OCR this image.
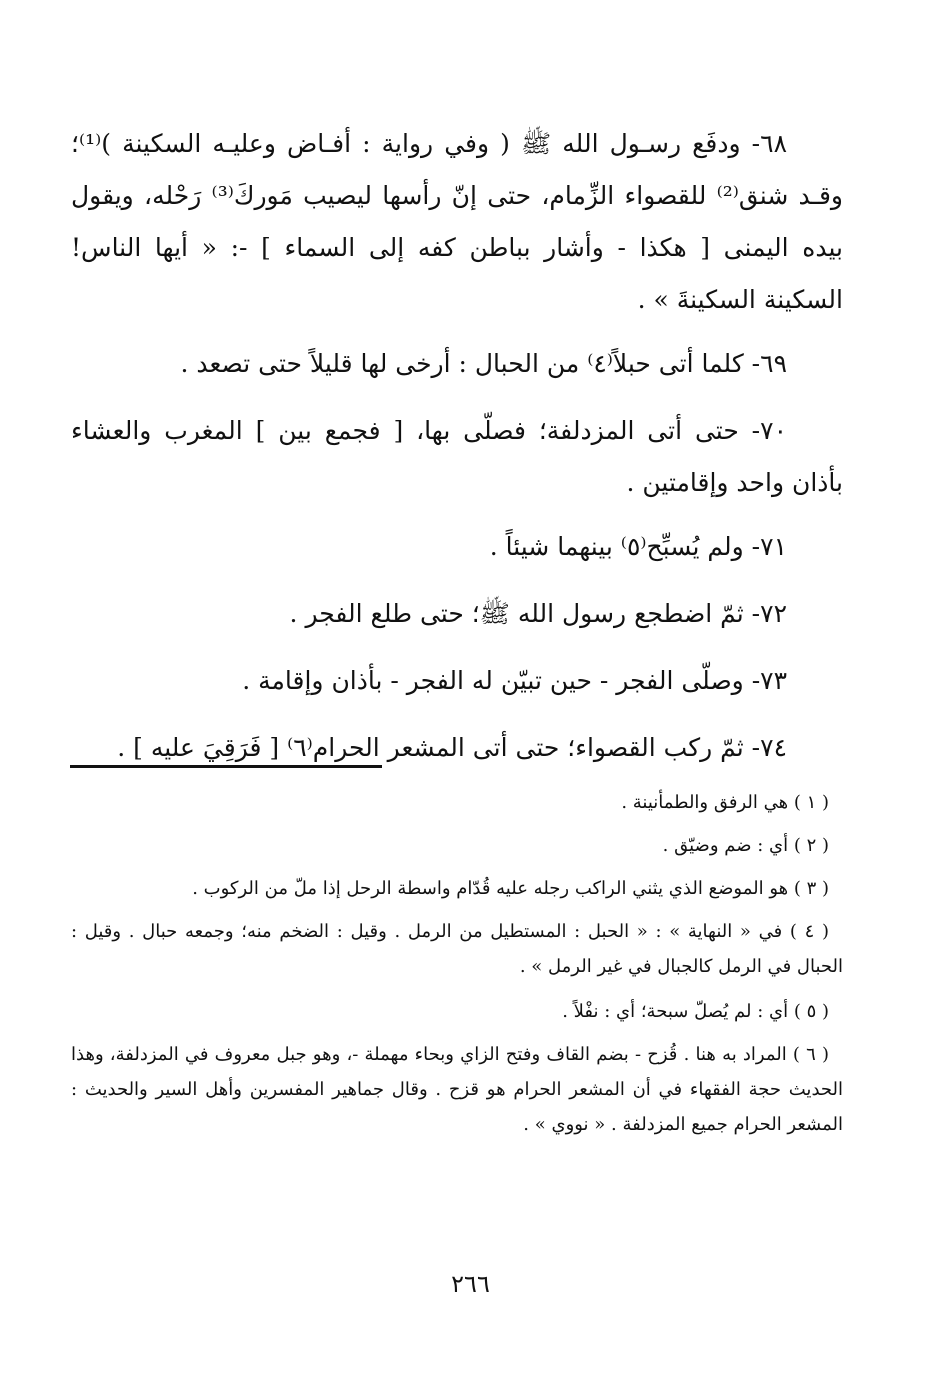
٦٨- ودفَع رسـول الله ﷺ ( وفي رواية : أفـاض وعليـه السكينة )⁽¹⁾؛ وقـد شنق⁽²⁾ للقصواء الزِّمام، حتى إنّ رأسها ليصيب مَوركَ⁽³⁾ رَحْله، ويقول بيده اليمنى [ هكذا - وأشار بباطن كفه إلى السماء ] -: « أيها الناس! السكينة السكينةَ » .

٦٩- كلما أتى حبلاً⁽٤⁾ من الحبال : أرخى لها قليلاً حتى تصعد .

٧٠- حتى أتى المزدلفة؛ فصلّى بها، [ فجمع بين ] المغرب والعشاء بأذان واحد وإقامتين .

٧١- ولم يُسبِّح⁽٥⁾ بينهما شيئاً .

٧٢- ثمّ اضطجع رسول الله ﷺ؛ حتى طلع الفجر .

٧٣- وصلّى الفجر - حين تبيّن له الفجر - بأذان وإقامة .

٧٤- ثمّ ركب القصواء؛ حتى أتى المشعر الحرام⁽٦⁾ [ فَرَقِيَ عليه ] .

( ١ ) هي الرفق والطمأنينة .

( ٢ ) أي : ضم وضيّق .

( ٣ ) هو الموضع الذي يثني الراكب رجله عليه قُدّام واسطة الرحل إذا ملّ من الركوب .

( ٤ ) في « النهاية » : « الحبل : المستطيل من الرمل . وقيل : الضخم منه؛ وجمعه حبال . وقيل : الحبال في الرمل كالجبال في غير الرمل » .

( ٥ ) أي : لم يُصلّ سبحة؛ أي : نفْلاً .

( ٦ ) المراد به هنا . قُزح - بضم القاف وفتح الزاي وبحاء مهملة -، وهو جبل معروف في المزدلفة، وهذا الحديث حجة الفقهاء في أن المشعر الحرام هو قزح . وقال جماهير المفسرين وأهل السير والحديث : المشعر الحرام جميع المزدلفة . « نووي » .

٢٦٦
